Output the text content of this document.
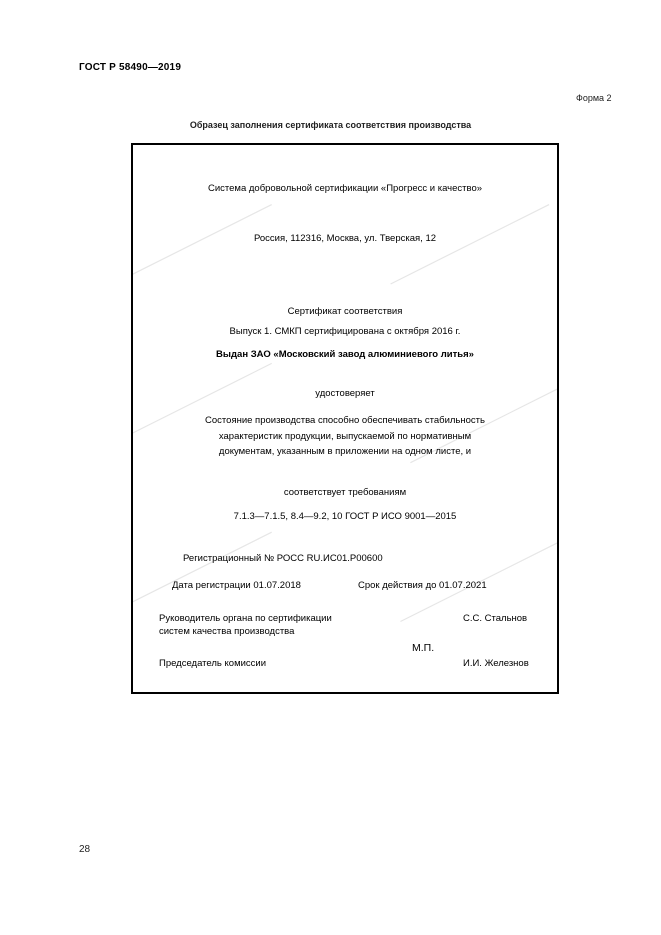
ГОСТ Р 58490—2019
Форма 2
Образец заполнения сертификата соответствия производства
Система добровольной сертификации «Прогресс и качество»
Россия, 112316, Москва, ул. Тверская, 12
Сертификат соответствия
Выпуск 1. СМКП сертифицирована с октября 2016 г.
Выдан ЗАО «Московский завод алюминиевого литья»
удостоверяет
Состояние производства способно обеспечивать стабильность
характеристик продукции, выпускаемой по нормативным
документам, указанным в приложении на одном листе, и
соответствует требованиям
7.1.3—7.1.5, 8.4—9.2, 10 ГОСТ Р ИСО 9001—2015
Регистрационный № РОСС RU.ИС01.Р00600
Дата регистрации 01.07.2018	Срок действия до 01.07.2021
Руководитель органа по сертификации
систем качества производства
С.С. Стальнов
М.П.
Председатель комиссии	И.И. Железнов
28
